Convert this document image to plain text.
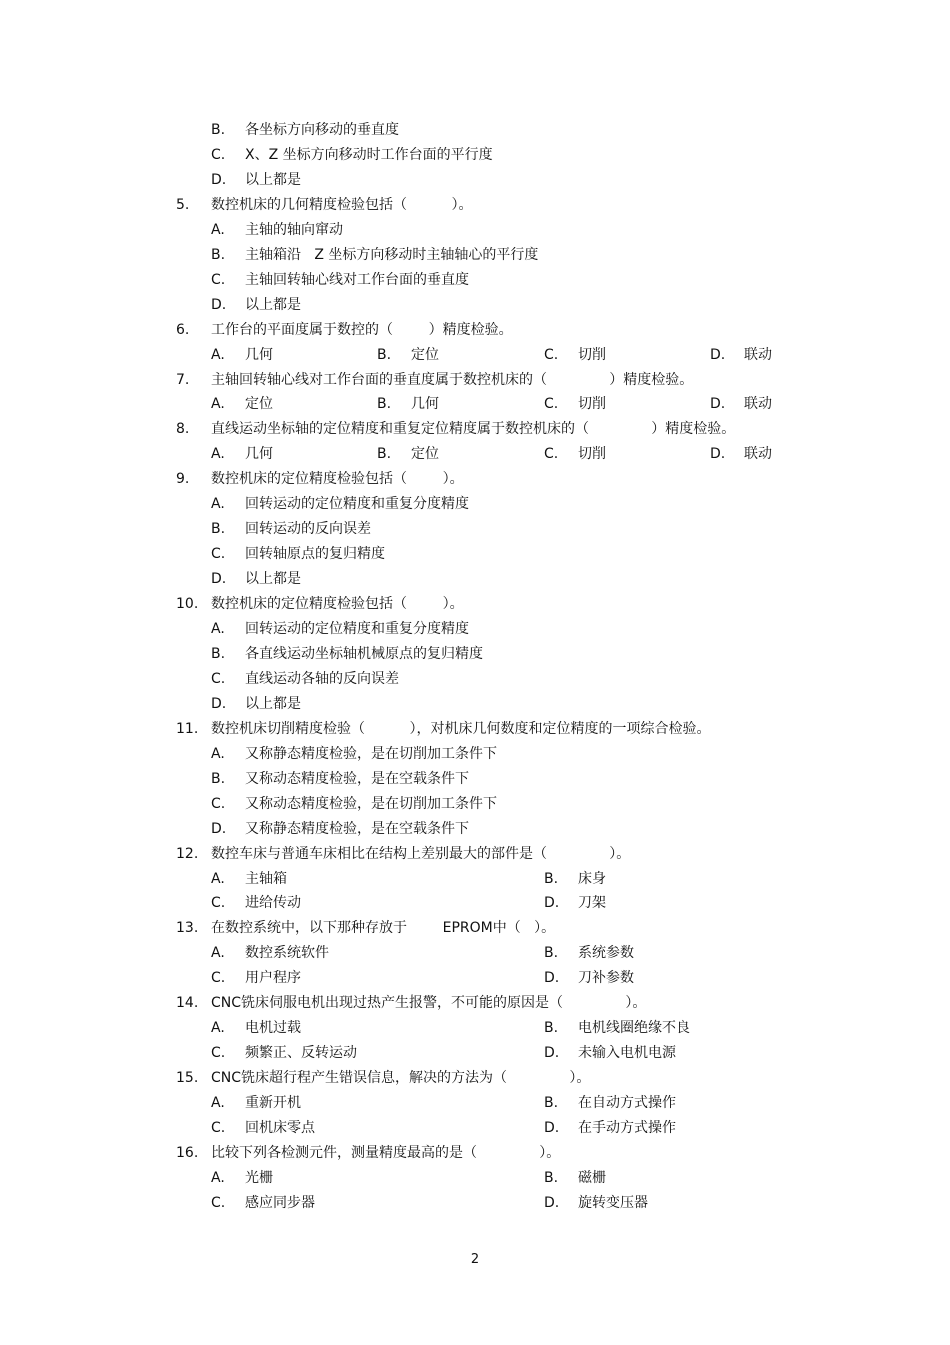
B. 各坐标方向移动的垂直度
C. X、Z 坐标方向移动时工作台面的平行度
D. 以上都是
5. 数控机床的几何精度检验包括（          ）。
A. 主轴的轴向窜动
B. 主轴箱沿   Z 坐标方向移动时主轴轴心的平行度
C. 主轴回转轴心线对工作台面的垂直度
D. 以上都是
6. 工作台的平面度属于数控的（        ）精度检验。
A. 几何	B. 定位	C. 切削	D. 联动
7. 主轴回转轴心线对工作台面的垂直度属于数控机床的（              ）精度检验。
A. 定位	B. 几何	C. 切削	D. 联动
8. 直线运动坐标轴的定位精度和重复定位精度属于数控机床的（              ）精度检验。
A. 几何	B. 定位	C. 切削	D. 联动
9. 数控机床的定位精度检验包括（        ）。
A. 回转运动的定位精度和重复分度精度
B. 回转运动的反向误差
C. 回转轴原点的复归精度
D. 以上都是
10. 数控机床的定位精度检验包括（        ）。
A. 回转运动的定位精度和重复分度精度
B. 各直线运动坐标轴机械原点的复归精度
C. 直线运动各轴的反向误差
D. 以上都是
11. 数控机床切削精度检验（          ），对机床几何数度和定位精度的一项综合检验。
A. 又称静态精度检验，是在切削加工条件下
B. 又称动态精度检验，是在空载条件下
C. 又称动态精度检验，是在切削加工条件下
D. 又称静态精度检验，是在空载条件下
12. 数控车床与普通车床相比在结构上差别最大的部件是（              ）。
A. 主轴箱	B. 床身
C. 进给传动	D. 刀架
13. 在数控系统中，以下那种存放于        EPROM中（   ）。
A. 数控系统软件	B. 系统参数
C. 用户程序	D. 刀补参数
14. CNC铣床伺服电机出现过热产生报警，不可能的原因是（              ）。
A. 电机过载	B. 电机线圈绝缘不良
C. 频繁正、反转运动	D. 未输入电机电源
15. CNC铣床超行程产生错误信息，解决的方法为（              ）。
A. 重新开机	B. 在自动方式操作
C. 回机床零点	D. 在手动方式操作
16. 比较下列各检测元件，测量精度最高的是（              ）。
A. 光栅	B. 磁栅
C. 感应同步器	D. 旋转变压器
2
